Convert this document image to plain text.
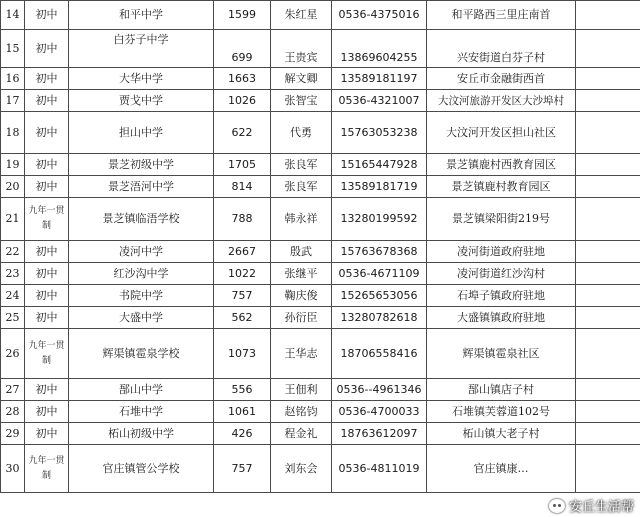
14	初中	和平中学	1599	朱红星	0536-4375016	和平路西三里庄南首	
15	初中	白芬子中学	699	王贵宾	13869604255	兴安街道白芬子村	
16	初中	大华中学	1663	解文卿	13589181197	安丘市金融街西首	
17	初中	贾戈中学	1026	张智宝	0536-4321007	大汶河旅游开发区大沙埠村	
18	初中	担山中学	622	代勇	15763053238	大汶河开发区担山社区	
19	初中	景芝初级中学	1705	张良军	15165447928	景芝镇鹿村西教育园区	
20	初中	景芝浯河中学	814	张良军	13589181719	景芝镇鹿村教育园区	
21	九年一贯制	景芝镇临浯学校	788	韩永祥	13280199592	景芝镇梁阳街219号	
22	初中	凌河中学	2667	殷武	15763678368	凌河街道政府驻地	
23	初中	红沙沟中学	1022	张继平	0536-4671109	凌河街道红沙沟村	
24	初中	书院中学	757	鞠庆俊	15265653056	石埠子镇政府驻地	
25	初中	大盛中学	562	孙衍臣	13280782618	大盛镇镇政府驻地	
26	九年一贯制	辉渠镇雹泉学校	1073	王华志	18706558416	辉渠镇雹泉社区	
27	初中	郚山中学	556	王佃利	0536--4961346	郚山镇店子村	
28	初中	石堆中学	1061	赵铭钧	0536-4700033	石堆镇芙蓉道102号	
29	初中	柘山初级中学	426	程金礼	18763612097	柘山镇大老子村	
30	九年一贯制	官庄镇管公学校	757	刘东会	0536-4811019	官庄镇康…	
安丘生活帮
